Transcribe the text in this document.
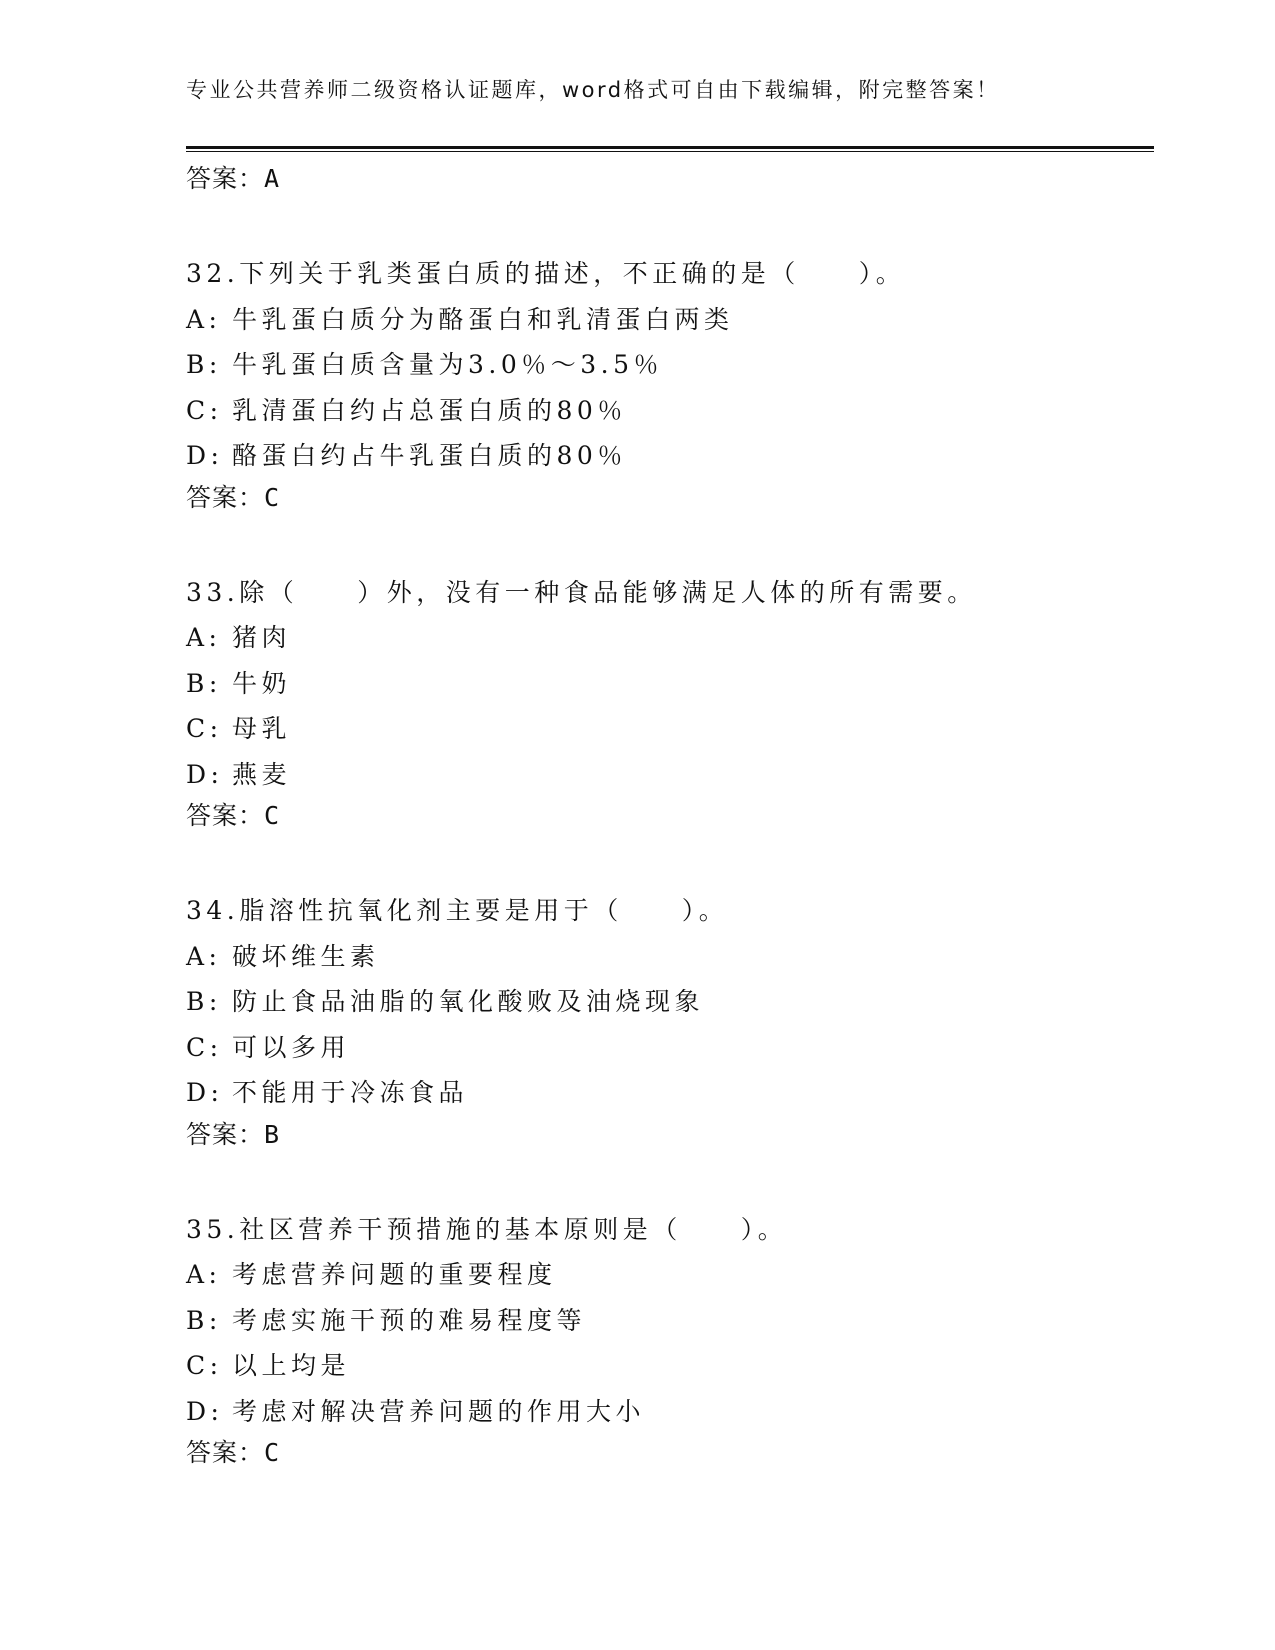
专业公共营养师二级资格认证题库，word格式可自由下载编辑，附完整答案！
答案：A
32.下列关于乳类蛋白质的描述，不正确的是（　　）。
A: 牛乳蛋白质分为酪蛋白和乳清蛋白两类
B: 牛乳蛋白质含量为3.0％～3.5％
C: 乳清蛋白约占总蛋白质的80％
D: 酪蛋白约占牛乳蛋白质的80％
答案：C
33.除（　　）外，没有一种食品能够满足人体的所有需要。
A: 猪肉
B: 牛奶
C: 母乳
D: 燕麦
答案：C
34.脂溶性抗氧化剂主要是用于（　　）。
A: 破坏维生素
B: 防止食品油脂的氧化酸败及油烧现象
C: 可以多用
D: 不能用于冷冻食品
答案：B
35.社区营养干预措施的基本原则是（　　）。
A: 考虑营养问题的重要程度
B: 考虑实施干预的难易程度等
C: 以上均是
D: 考虑对解决营养问题的作用大小
答案：C
